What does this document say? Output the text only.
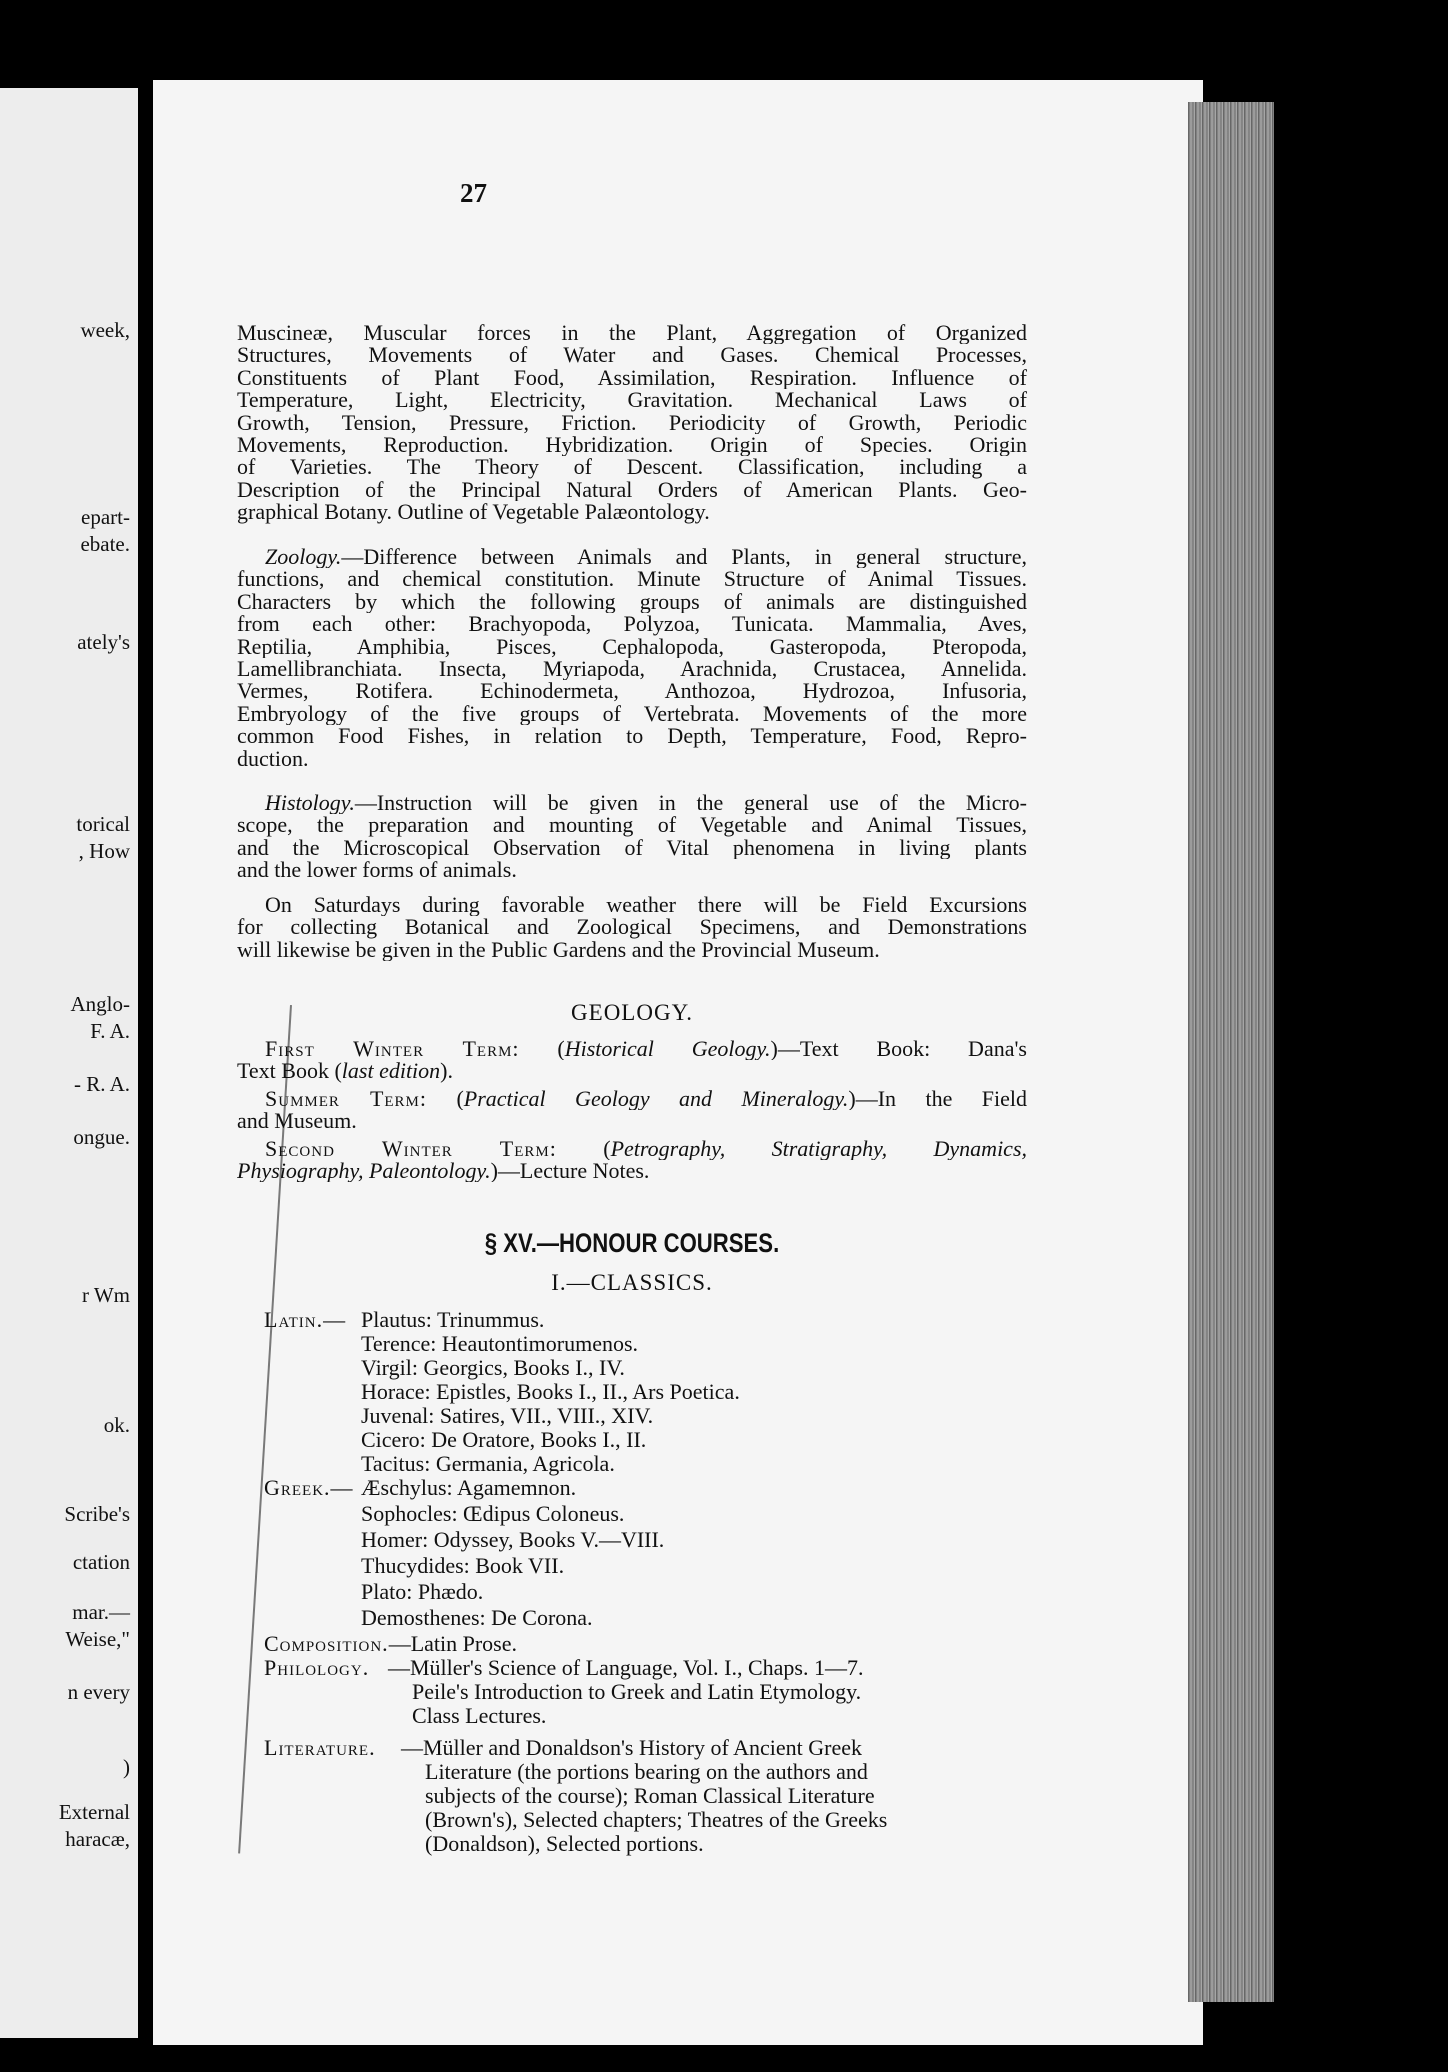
week,
epart-
ebate.
ately's
torical
, How
Anglo-
F. A.
- R. A.
ongue.
r Wm
ok.
Scribe's
ctation
mar.—
Weise,"
n every
)
External
haracæ,
27
Muscineæ, Muscular forces in the Plant, Aggregation of Organized
Structures, Movements of Water and Gases. Chemical Processes,
Constituents of Plant Food, Assimilation, Respiration. Influence of
Temperature, Light, Electricity, Gravitation. Mechanical Laws of
Growth, Tension, Pressure, Friction. Periodicity of Growth, Periodic
Movements, Reproduction. Hybridization. Origin of Species. Origin
of Varieties. The Theory of Descent. Classification, including a
Description of the Principal Natural Orders of American Plants. Geo-
graphical Botany. Outline of Vegetable Palæontology.
Zoology.—Difference between Animals and Plants, in general structure,
functions, and chemical constitution. Minute Structure of Animal Tissues.
Characters by which the following groups of animals are distinguished
from each other: Brachyopoda, Polyzoa, Tunicata. Mammalia, Aves,
Reptilia, Amphibia, Pisces, Cephalopoda, Gasteropoda, Pteropoda,
Lamellibranchiata. Insecta, Myriapoda, Arachnida, Crustacea, Annelida.
Vermes, Rotifera. Echinodermeta, Anthozoa, Hydrozoa, Infusoria,
Embryology of the five groups of Vertebrata. Movements of the more
common Food Fishes, in relation to Depth, Temperature, Food, Repro-
duction.
Histology.—Instruction will be given in the general use of the Micro-
scope, the preparation and mounting of Vegetable and Animal Tissues,
and the Microscopical Observation of Vital phenomena in living plants
and the lower forms of animals.
On Saturdays during favorable weather there will be Field Excursions
for collecting Botanical and Zoological Specimens, and Demonstrations
will likewise be given in the Public Gardens and the Provincial Museum.
GEOLOGY.
First Winter Term: (Historical Geology.)—Text Book: Dana's
Text Book (last edition).
Summer Term: (Practical Geology and Mineralogy.)—In the Field
and Museum.
Second Winter Term: (Petrography, Stratigraphy, Dynamics,
Physiography, Paleontology.)—Lecture Notes.
§ XV.—HONOUR COURSES.
I.—CLASSICS.
Latin.— Plautus: Trinummus.
Terence: Heautontimorumenos.
Virgil: Georgics, Books I., IV.
Horace: Epistles, Books I., II., Ars Poetica.
Juvenal: Satires, VII., VIII., XIV.
Cicero: De Oratore, Books I., II.
Tacitus: Germania, Agricola.
Greek.— Æschylus: Agamemnon.
Sophocles: Œdipus Coloneus.
Homer: Odyssey, Books V.—VIII.
Thucydides: Book VII.
Plato: Phædo.
Demosthenes: De Corona.
Composition.—Latin Prose.
Philology. —Müller's Science of Language, Vol. I., Chaps. 1—7.
Peile's Introduction to Greek and Latin Etymology.
Class Lectures.
Literature. —Müller and Donaldson's History of Ancient Greek
Literature (the portions bearing on the authors and
subjects of the course); Roman Classical Literature
(Brown's), Selected chapters; Theatres of the Greeks
(Donaldson), Selected portions.
